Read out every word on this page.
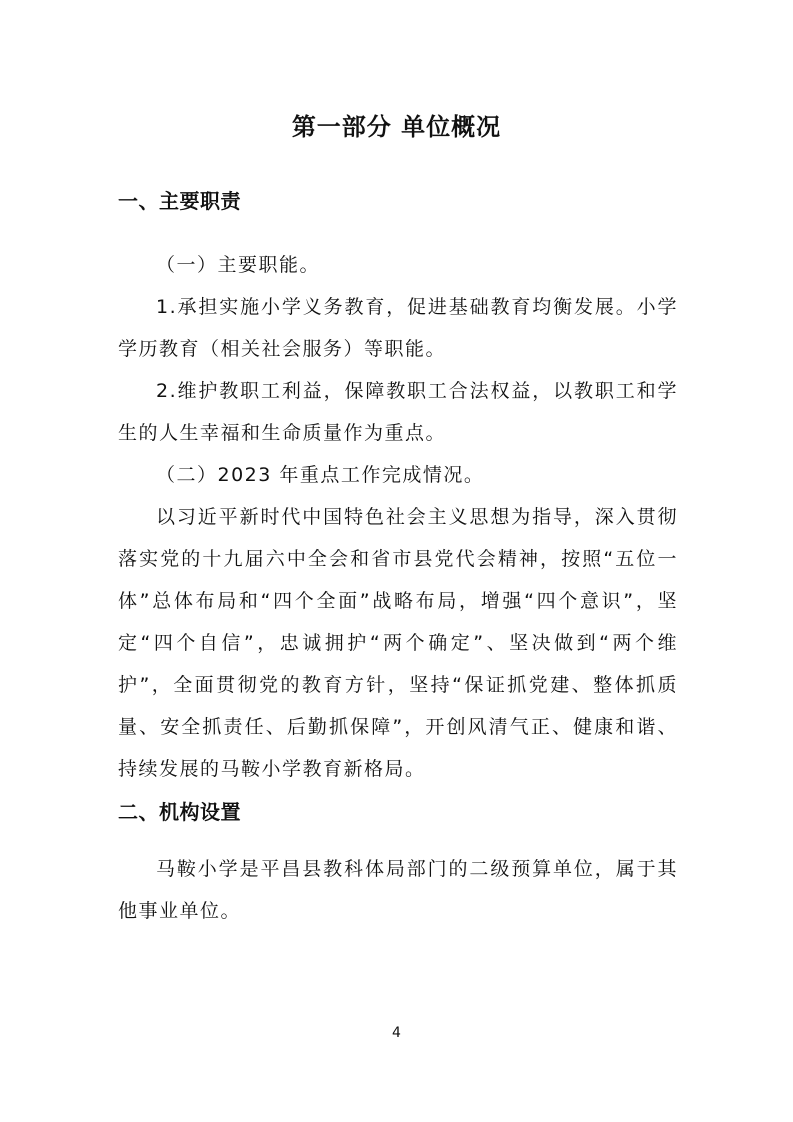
第一部分 单位概况
一、主要职责
（一）主要职能。
1.承担实施小学义务教育，促进基础教育均衡发展。小学学历教育（相关社会服务）等职能。
2.维护教职工利益，保障教职工合法权益，以教职工和学生的人生幸福和生命质量作为重点。
（二）2023 年重点工作完成情况。
以习近平新时代中国特色社会主义思想为指导，深入贯彻落实党的十九届六中全会和省市县党代会精神，按照“五位一体”总体布局和“四个全面”战略布局，增强“四个意识”，坚定“四个自信”，忠诚拥护“两个确定”、坚决做到“两个维护”，全面贯彻党的教育方针，坚持“保证抓党建、整体抓质量、安全抓责任、后勤抓保障”，开创风清气正、健康和谐、持续发展的马鞍小学教育新格局。
二、机构设置
马鞍小学是平昌县教科体局部门的二级预算单位，属于其他事业单位。
4
